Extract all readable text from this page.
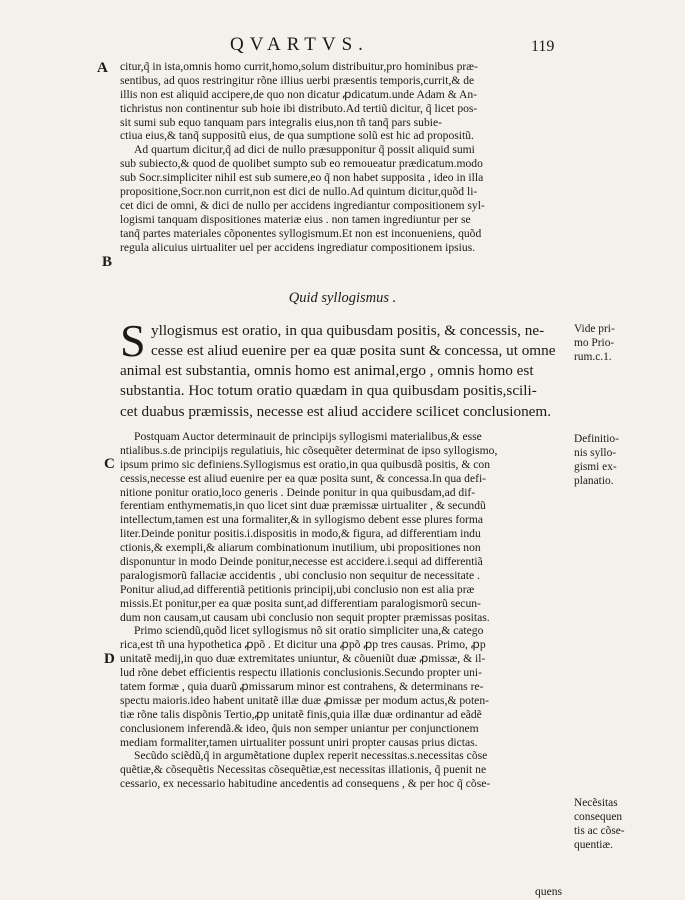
QVARTVS.	119
A citur,q̃ in ista,omnis homo currit,homo,solum distribuitur,pro hominibus præ-
sentibus, ad quos restringitur rõne illius uerbi præsentis temporis,currit,& de
illis non est aliquid accipere,de quo non dicatur ꝓdicatum.unde Adam & An-
tichristus non continentur sub hoie ibi distributo.Ad tertiũ dicitur, q̃ licet pos-
sit sumi sub equo tanquam pars integralis eius,non tñ tanq̃ pars subie-
ctiua eius,& tanq̃ suppositũ eius, de qua sumptione solũ est hic ad propositũ.
Ad quartum dicitur,q̃ ad dici de nullo præsupponitur q̃ possit aliquid sumi
sub subiecto,& quod de quolibet sumpto sub eo remoueatur prædicatum.modo
sub Socr.simpliciter nihil est sub sumere,eo q̃ non habet supposita , ideo in illa
propositione,Socr.non currit,non est dici de nullo.Ad quintum dicitur,quõd li-
cet dici de omni, & dici de nullo per accidens ingrediantur compositionem syl-
logismi tanquam dispositiones materiæ eius . non tamen ingrediuntur per se
tanq̃ partes materiales cõponentes syllogismum.Et non est inconueniens, quõd
regula alicuius uirtualiter uel per accidens ingrediatur compositionem ipsius.
B
Quid syllogismus .
S yllogismus est oratio, in qua quibusdam positis, & concessis, ne-
cesse est aliud euenire per ea quæ posita sunt & concessa, ut omne
animal est substantia, omnis homo est animal,ergo , omnis homo est
substantia. Hoc totum oratio quædam in qua quibusdam positis,scili-
cet duabus præmissis, necesse est aliud accidere scilicet conclusionem.
Vide pri-
mo Prio-
rum.c.1.
Postquam Auctor determinauit de principijs syllogismi materialibus,& esse
ntialibus.s.de principijs regulatiuis, hic cõsequẽter determinat de ipso syllogismo,
ipsum primo sic definiens.Syllogismus est oratio,in qua quibusdã positis, & con
cessis,necesse est aliud euenire per ea quæ posita sunt, & concessa.In qua defi-
nitione ponitur oratio,loco generis . Deinde ponitur in qua quibusdam,ad dif-
ferentiam enthymematis,in quo licet sint duæ præmissæ uirtualiter , & secundũ
intellectum,tamen est una formaliter,& in syllogismo debent esse plures forma
liter.Deinde ponitur positis.i.dispositis in modo,& figura, ad differentiam indu
ctionis,& exempli,& aliarum combinationum inutilium, ubi propositiones non
disponuntur in modo Deinde ponitur,necesse est accidere.i.sequi ad differentiã
paralogismorũ fallaciæ accidentis , ubi conclusio non sequitur de necessitate .
Ponitur aliud,ad differentiã petitionis principij,ubi conclusio non est alia præ
missis.Et ponitur,per ea quæ posita sunt,ad differentiam paralogismorũ secun-
dum non causam,ut causam ubi conclusio non sequit propter præmissas positas.
Primo sciendũ,quõd licet syllogismus nõ sit oratio simpliciter una,& catego
rica,est tñ una hypothetica ꝓpõ . Et dicitur una ꝓpõ ꝓp tres causas. Primo, ꝓp
unitatẽ medij,in quo duæ extremitates uniuntur, & cõueniũt duæ ꝓmissæ, & il-
lud rõne debet efficientis respectu illationis conclusionis.Secundo propter uni-
tatem formæ , quia duarũ ꝓmissarum minor est contrahens, & determinans re-
spectu maioris.ideo habent unitatẽ illæ duæ ꝓmissæ per modum actus,& poten-
tiæ rõne talis dispõnis Tertio,ꝓp unitatẽ finis,quia illæ duæ ordinantur ad eãdẽ
conclusionem inferendã.& ideo, q̃uis non semper uniantur per conjunctionem
mediam formaliter,tamen uirtualiter possunt uniri propter causas prius dictas.
Secũdo sciẽdũ,q̃ in argumẽtatione duplex reperit necessitas.s.necessitas cõse
quẽtiæ,& cõsequẽtis Necessitas cõsequẽtiæ,est necessitas illationis, q̃ puenit ne
cessario, ex necessario habitudine ancedentis ad consequens , & per hoc q̃ cõse-
C
D
Definitio-
nis syllo-
gismi ex-
planatio.
Necẽsitas
consequen
tis ac cõse-
quentiæ.
quens
